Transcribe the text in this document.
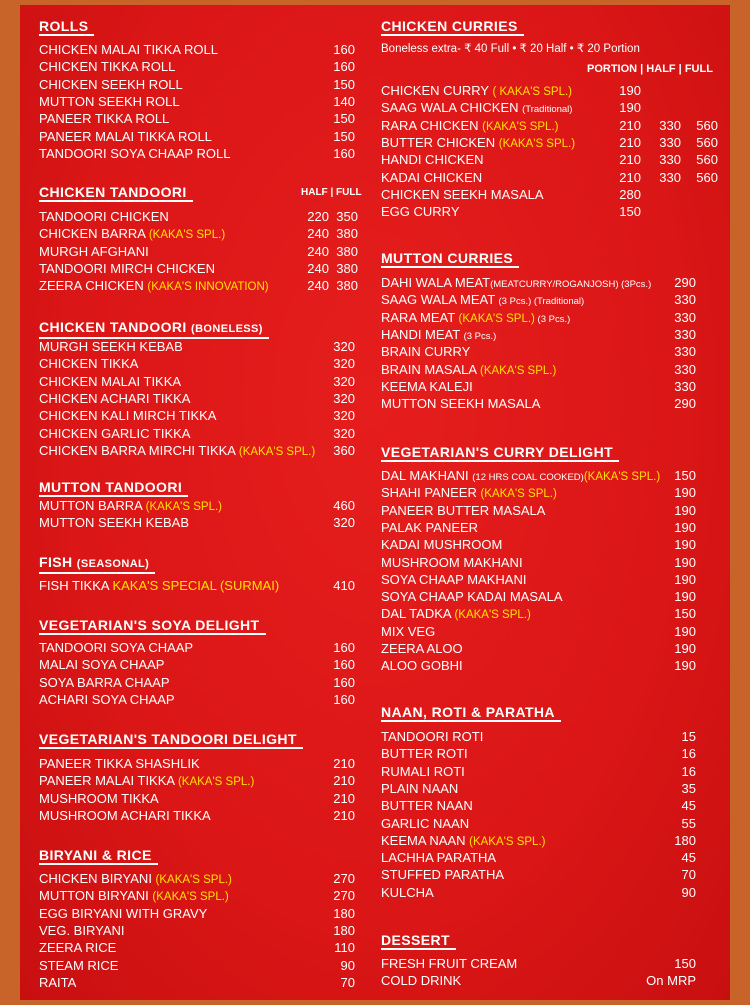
ROLLS
CHICKEN MALAI TIKKA ROLL	160
CHICKEN TIKKA ROLL	160
CHICKEN SEEKH ROLL	150
MUTTON SEEKH ROLL	140
PANEER TIKKA ROLL	150
PANEER MALAI TIKKA ROLL	150
TANDOORI SOYA CHAAP ROLL	160
CHICKEN TANDOORI	HALF | FULL
TANDOORI CHICKEN	220 350
CHICKEN BARRA (KAKA'S SPL.)	240 380
MURGH AFGHANI	240 380
TANDOORI MIRCH CHICKEN	240 380
ZEERA CHICKEN (KAKA'S INNOVATION)	240 380
CHICKEN TANDOORI (BONELESS)
MURGH SEEKH KEBAB	320
CHICKEN TIKKA	320
CHICKEN MALAI TIKKA	320
CHICKEN ACHARI TIKKA	320
CHICKEN KALI MIRCH TIKKA	320
CHICKEN GARLIC TIKKA	320
CHICKEN BARRA MIRCHI TIKKA (KAKA'S SPL.)	360
MUTTON TANDOORI
MUTTON BARRA (KAKA'S SPL.)	460
MUTTON SEEKH KEBAB	320
FISH (SEASONAL)
FISH TIKKA KAKA'S SPECIAL (SURMAI)	410
VEGETARIAN'S SOYA DELIGHT
TANDOORI SOYA CHAAP	160
MALAI SOYA CHAAP	160
SOYA BARRA CHAAP	160
ACHARI SOYA CHAAP	160
VEGETARIAN'S TANDOORI DELIGHT
PANEER TIKKA SHASHLIK	210
PANEER MALAI TIKKA (KAKA'S SPL.)	210
MUSHROOM TIKKA	210
MUSHROOM ACHARI TIKKA	210
BIRYANI & RICE
CHICKEN BIRYANI (KAKA'S SPL.)	270
MUTTON BIRYANI (KAKA'S SPL.)	270
EGG BIRYANI WITH GRAVY	180
VEG. BIRYANI	180
ZEERA RICE	110
STEAM RICE	90
RAITA	70
CHICKEN CURRIES
Boneless extra- ₹ 40 Full • ₹ 20 Half • ₹ 20 Portion
PORTION | HALF | FULL
CHICKEN CURRY ( KAKA'S SPL.)	190
SAAG WALA CHICKEN (Traditional)	190
RARA CHICKEN (KAKA'S SPL.)	210	330	560
BUTTER CHICKEN (KAKA'S SPL.)	210	330	560
HANDI CHICKEN	210	330	560
KADAI CHICKEN	210	330	560
CHICKEN SEEKH MASALA	280
EGG CURRY	150
MUTTON CURRIES
DAHI WALA MEAT(MEATCURRY/ROGANJOSH) (3Pcs.)	290
SAAG WALA MEAT (3 Pcs.) (Traditional)	330
RARA MEAT (KAKA'S SPL.) (3 Pcs.)	330
HANDI MEAT (3 Pcs.)	330
BRAIN CURRY	330
BRAIN MASALA (KAKA'S SPL.)	330
KEEMA KALEJI	330
MUTTON SEEKH MASALA	290
VEGETARIAN'S CURRY DELIGHT
DAL MAKHANI (12 HRS COAL COOKED)(KAKA'S SPL.)	150
SHAHI PANEER (KAKA'S SPL.)	190
PANEER BUTTER MASALA	190
PALAK PANEER	190
KADAI MUSHROOM	190
MUSHROOM MAKHANI	190
SOYA CHAAP MAKHANI	190
SOYA CHAAP KADAI MASALA	190
DAL TADKA (KAKA'S SPL.)	150
MIX VEG	190
ZEERA ALOO	190
ALOO GOBHI	190
NAAN, ROTI & PARATHA
TANDOORI ROTI	15
BUTTER ROTI	16
RUMALI ROTI	16
PLAIN NAAN	35
BUTTER NAAN	45
GARLIC NAAN	55
KEEMA NAAN (KAKA'S SPL.)	180
LACHHA PARATHA	45
STUFFED PARATHA	70
KULCHA	90
DESSERT
FRESH FRUIT CREAM	150
COLD DRINK	On MRP
